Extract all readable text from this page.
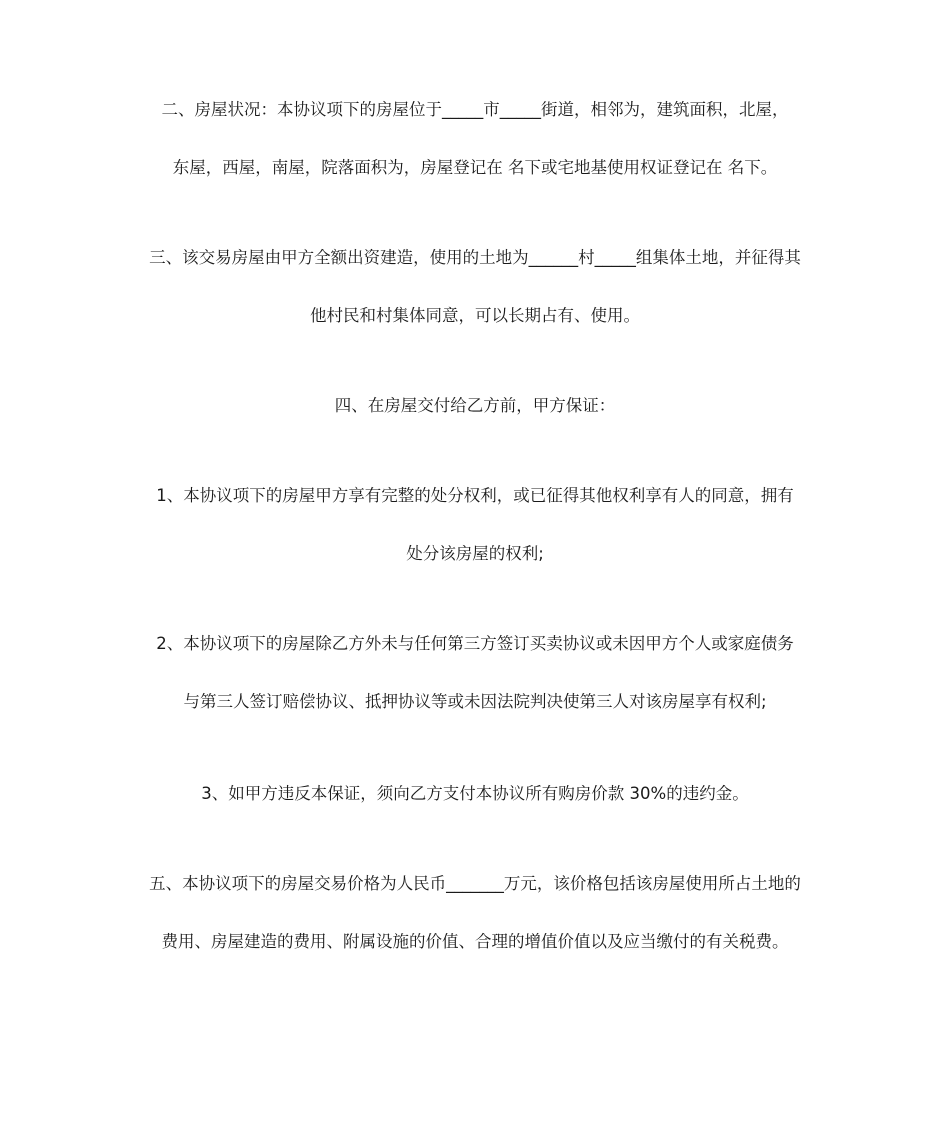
二、房屋状况：本协议项下的房屋位于_____市_____街道，相邻为，建筑面积，北屋，
东屋，西屋，南屋，院落面积为，房屋登记在 名下或宅地基使用权证登记在 名下。
三、该交易房屋由甲方全额出资建造，使用的土地为______村_____组集体土地，并征得其
他村民和村集体同意，可以长期占有、使用。
四、在房屋交付给乙方前，甲方保证：
1、本协议项下的房屋甲方享有完整的处分权利，或已征得其他权利享有人的同意，拥有
处分该房屋的权利;
2、本协议项下的房屋除乙方外未与任何第三方签订买卖协议或未因甲方个人或家庭债务
与第三人签订赔偿协议、抵押协议等或未因法院判决使第三人对该房屋享有权利;
3、如甲方违反本保证，须向乙方支付本协议所有购房价款 30%的违约金。
五、本协议项下的房屋交易价格为人民币_______万元，该价格包括该房屋使用所占土地的
费用、房屋建造的费用、附属设施的价值、合理的增值价值以及应当缴付的有关税费。
